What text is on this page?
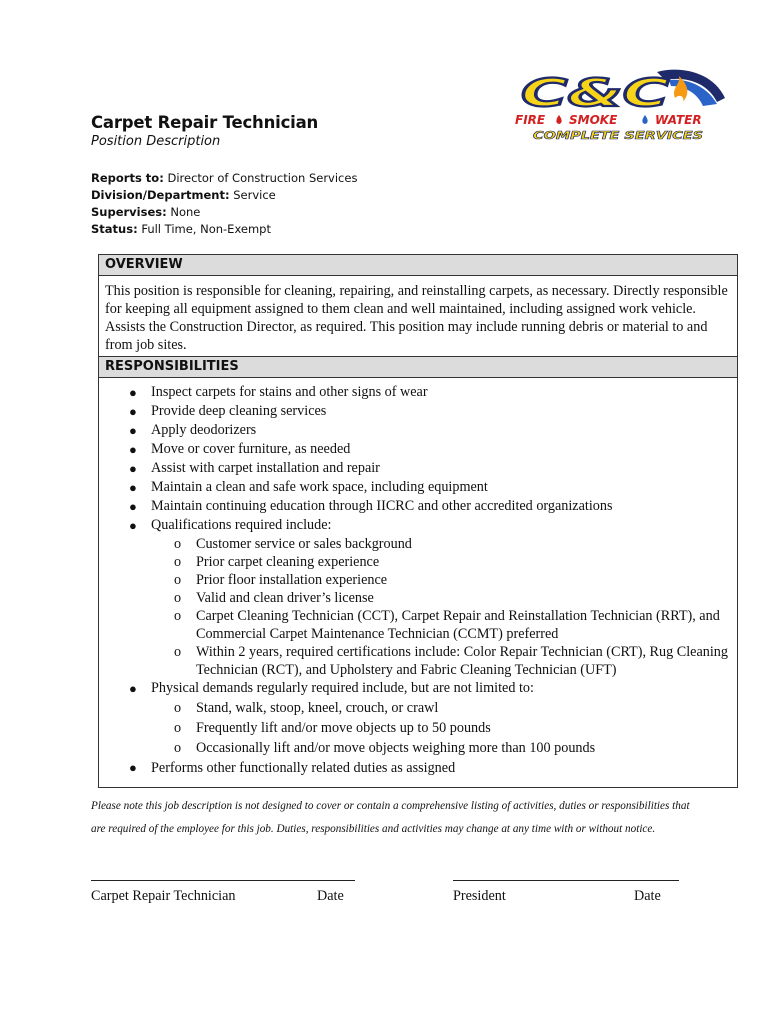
Carpet Repair Technician
Position Description
C&C
FIRE SMOKE	WATER
COMPLETE SERVICES
Reports to: Director of Construction Services
Division/Department: Service
Supervises: None
Status: Full Time, Non-Exempt
OVERVIEW

This position is responsible for cleaning, repairing, and reinstalling carpets, as necessary. Directly responsible for keeping all equipment assigned to them clean and well maintained, including assigned work vehicle. Assists the Construction Director, as required. This position may include running debris or material to and from job sites.

RESPONSIBILITIES
● Inspect carpets for stains and other signs of wear
● Provide deep cleaning services
● Apply deodorizers
● Move or cover furniture, as needed
● Assist with carpet installation and repair
● Maintain a clean and safe work space, including equipment
● Maintain continuing education through IICRC and other accredited organizations
● Qualifications required include:
o Customer service or sales background
o Prior carpet cleaning experience
o Prior floor installation experience
o Valid and clean driver’s license
o Carpet Cleaning Technician (CCT), Carpet Repair and Reinstallation Technician (RRT), and Commercial Carpet Maintenance Technician (CCMT) preferred
o Within 2 years, required certifications include: Color Repair Technician (CRT), Rug Cleaning Technician (RCT), and Upholstery and Fabric Cleaning Technician (UFT)
● Physical demands regularly required include, but are not limited to:
o Stand, walk, stoop, kneel, crouch, or crawl
o Frequently lift and/or move objects up to 50 pounds
o Occasionally lift and/or move objects weighing more than 100 pounds
● Performs other functionally related duties as assigned

Please note this job description is not designed to cover or contain a comprehensive listing of activities, duties or responsibilities that are required of the employee for this job. Duties, responsibilities and activities may change at any time with or without notice.

Carpet Repair Technician	Date	President	Date
